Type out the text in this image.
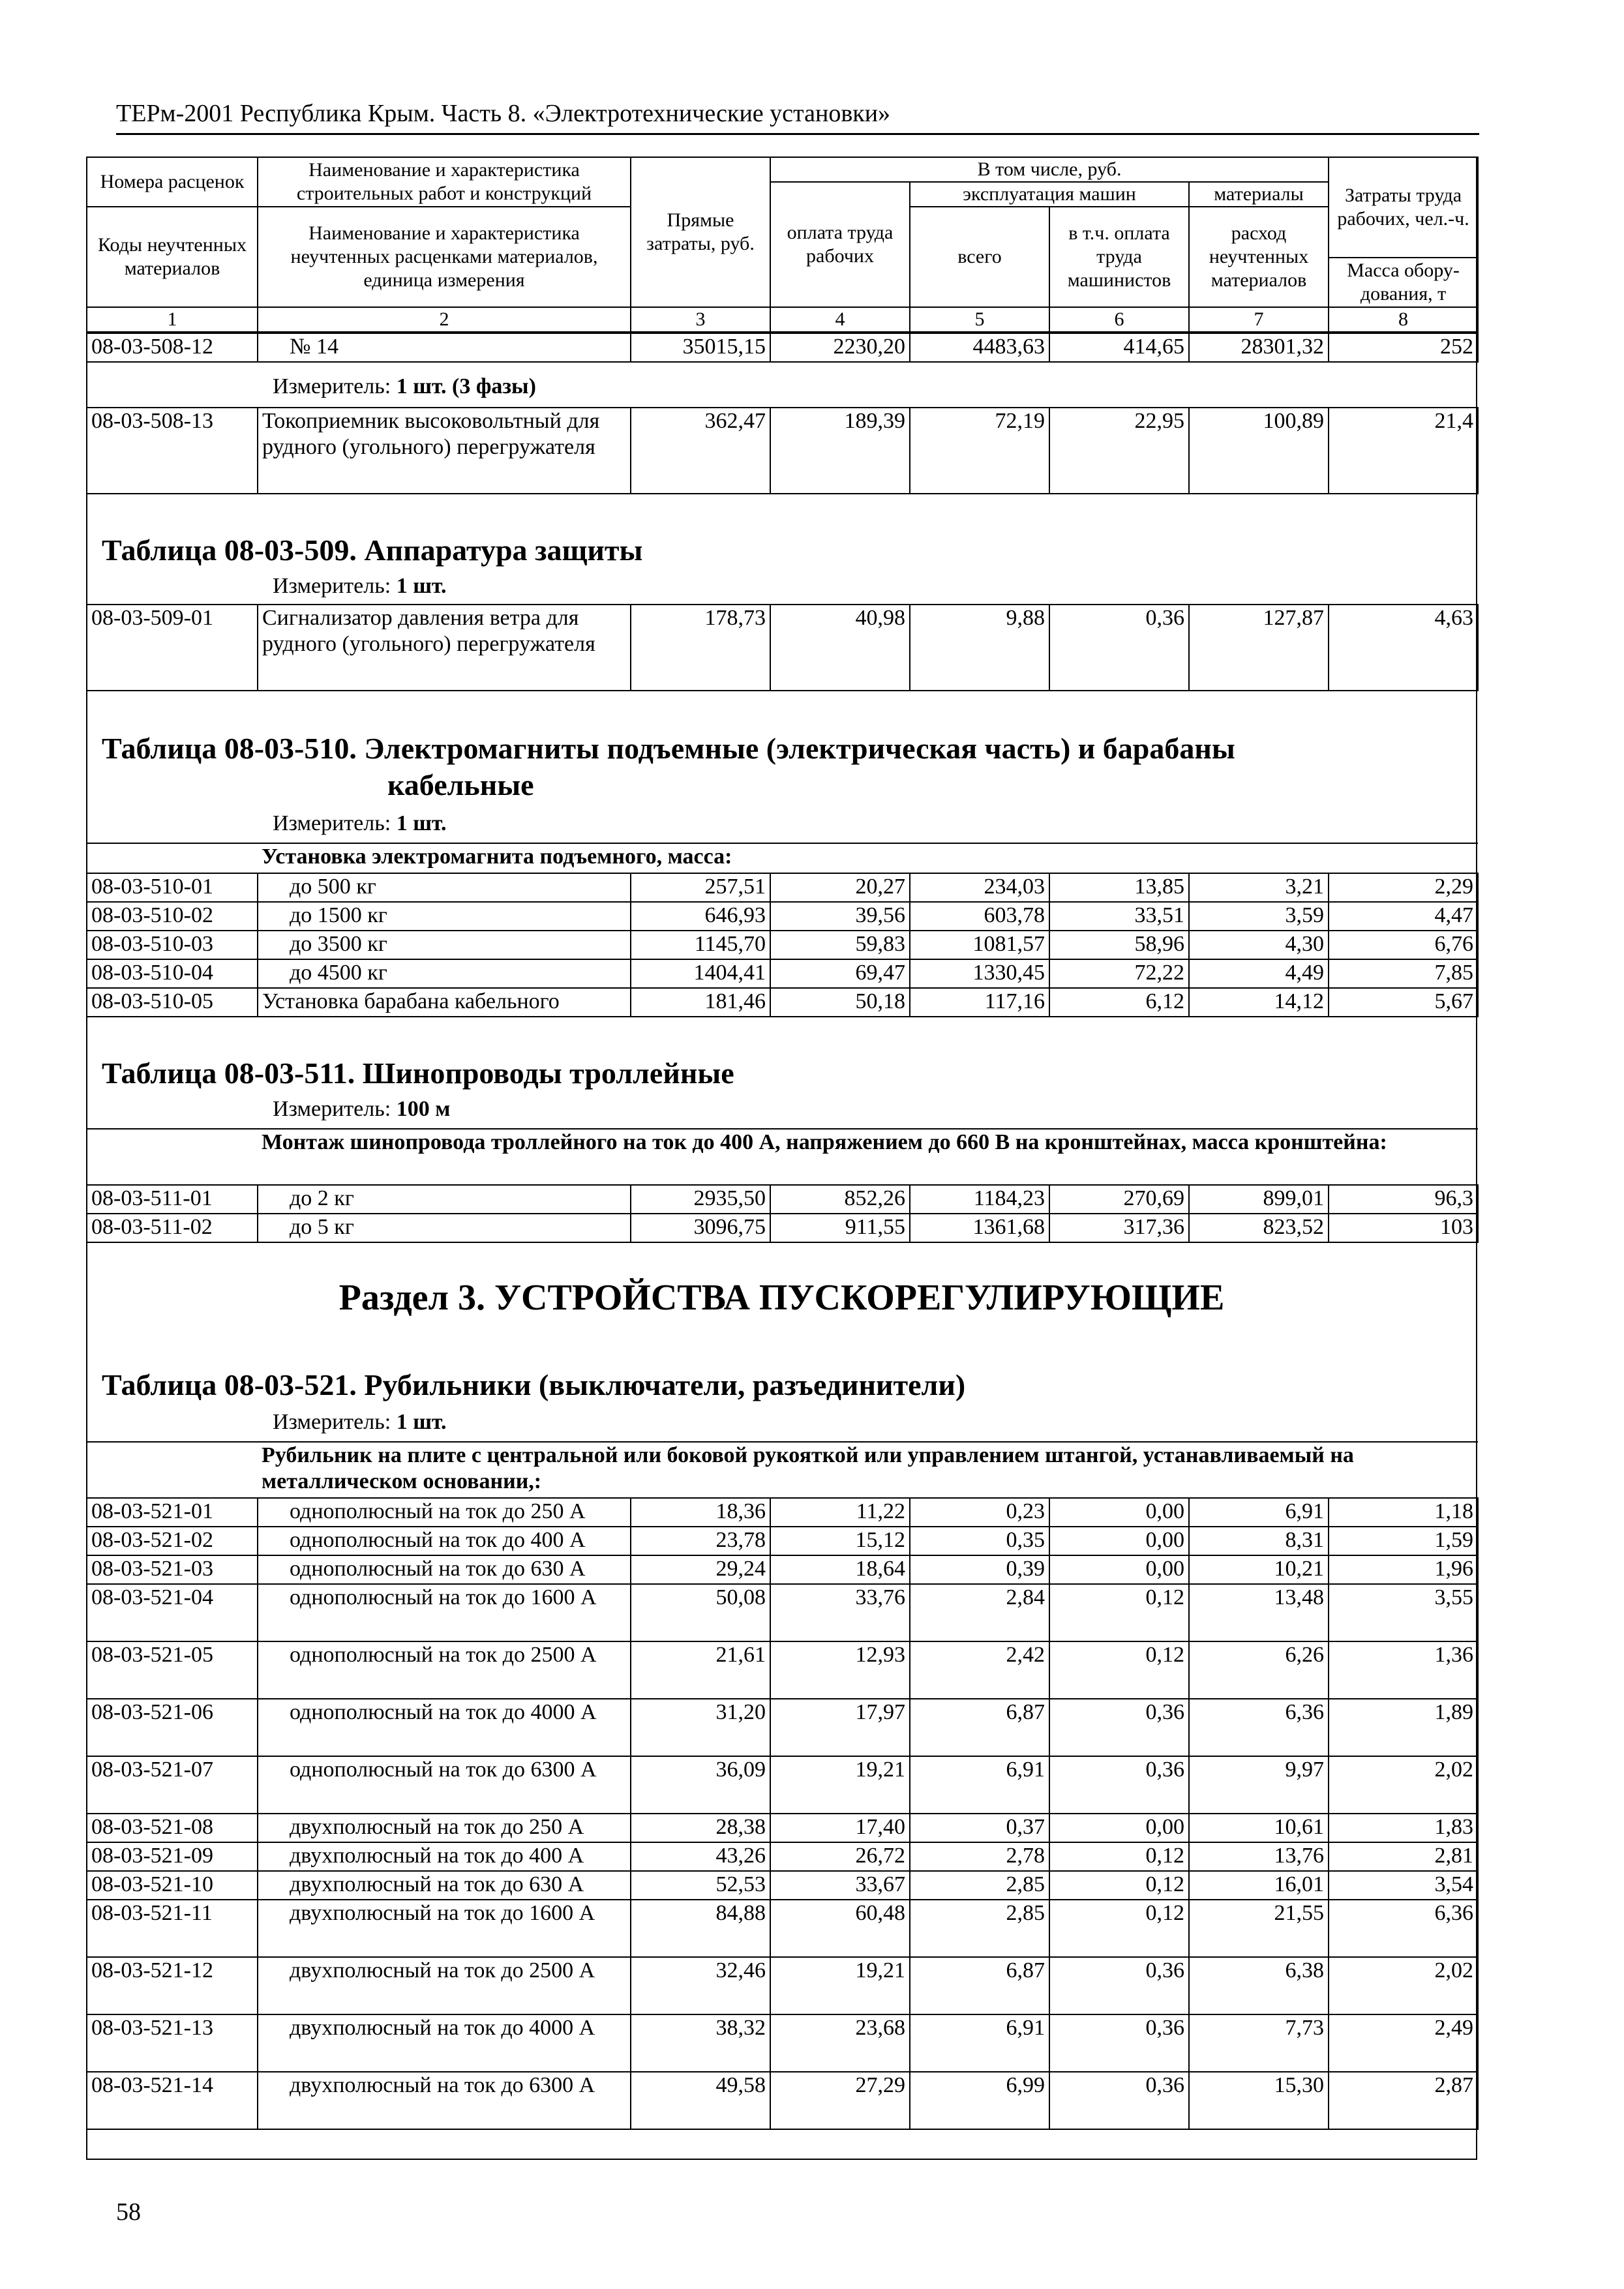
ТЕРм-2001 Республика Крым. Часть 8. «Электротехнические установки»
Номера расценок	Наименование и характеристика строительных работ и конструкций	Прямые затраты, руб.	В том числе, руб.				Затраты труда рабочих, чел.-ч.
			оплата труда рабочих	эксплуатация машин		материалы	
Коды неучтенных материалов	Наименование и характеристика неучтенных расценками материалов, единица измерения			всего	в т.ч. оплата труда машинистов	расход неучтенных материалов	
							Масса обору-дования, т
1	2	3	4	5	6	7	8
08-03-508-12	№ 14	35015,15	2230,20	4483,63	414,65	28301,32	252
Измеритель: 1 шт. (3 фазы)
08-03-508-13	Токоприемник высоковольтный для рудного (угольного) перегружателя	362,47	189,39	72,19	22,95	100,89	21,4
Таблица 08-03-509. Аппаратура защиты
Измеритель: 1 шт.
08-03-509-01	Сигнализатор давления ветра для рудного (угольного) перегружателя	178,73	40,98	9,88	0,36	127,87	4,63
Таблица 08-03-510. Электромагниты подъемные (электрическая часть) и барабаны
кабельные
Измеритель: 1 шт.
	Установка электромагнита подъемного, масса:						
08-03-510-01	до 500 кг	257,51	20,27	234,03	13,85	3,21	2,29
08-03-510-02	до 1500 кг	646,93	39,56	603,78	33,51	3,59	4,47
08-03-510-03	до 3500 кг	1145,70	59,83	1081,57	58,96	4,30	6,76
08-03-510-04	до 4500 кг	1404,41	69,47	1330,45	72,22	4,49	7,85
08-03-510-05	Установка барабана кабельного	181,46	50,18	117,16	6,12	14,12	5,67
Таблица 08-03-511. Шинопроводы троллейные
Измеритель: 100 м
	Монтаж шинопровода троллейного на ток до 400 А, напряжением до 660 В на кронштейнах, масса кронштейна:						
08-03-511-01	до 2 кг	2935,50	852,26	1184,23	270,69	899,01	96,3
08-03-511-02	до 5 кг	3096,75	911,55	1361,68	317,36	823,52	103
Раздел 3. УСТРОЙСТВА ПУСКОРЕГУЛИРУЮЩИЕ
Таблица 08-03-521. Рубильники (выключатели, разъединители)
Измеритель: 1 шт.
	Рубильник на плите с центральной или боковой рукояткой или управлением штангой, устанавливаемый на металлическом основании,:						
08-03-521-01	однополюсный на ток до 250 А	18,36	11,22	0,23	0,00	6,91	1,18
08-03-521-02	однополюсный на ток до 400 А	23,78	15,12	0,35	0,00	8,31	1,59
08-03-521-03	однополюсный на ток до 630 А	29,24	18,64	0,39	0,00	10,21	1,96
08-03-521-04	однополюсный на ток до 1600 А	50,08	33,76	2,84	0,12	13,48	3,55
08-03-521-05	однополюсный на ток до 2500 А	21,61	12,93	2,42	0,12	6,26	1,36
08-03-521-06	однополюсный на ток до 4000 А	31,20	17,97	6,87	0,36	6,36	1,89
08-03-521-07	однополюсный на ток до 6300 А	36,09	19,21	6,91	0,36	9,97	2,02
08-03-521-08	двухполюсный на ток до 250 А	28,38	17,40	0,37	0,00	10,61	1,83
08-03-521-09	двухполюсный на ток до 400 А	43,26	26,72	2,78	0,12	13,76	2,81
08-03-521-10	двухполюсный на ток до 630 А	52,53	33,67	2,85	0,12	16,01	3,54
08-03-521-11	двухполюсный на ток до 1600 А	84,88	60,48	2,85	0,12	21,55	6,36
08-03-521-12	двухполюсный на ток до 2500 А	32,46	19,21	6,87	0,36	6,38	2,02
08-03-521-13	двухполюсный на ток до 4000 А	38,32	23,68	6,91	0,36	7,73	2,49
08-03-521-14	двухполюсный на ток до 6300 А	49,58	27,29	6,99	0,36	15,30	2,87
58
